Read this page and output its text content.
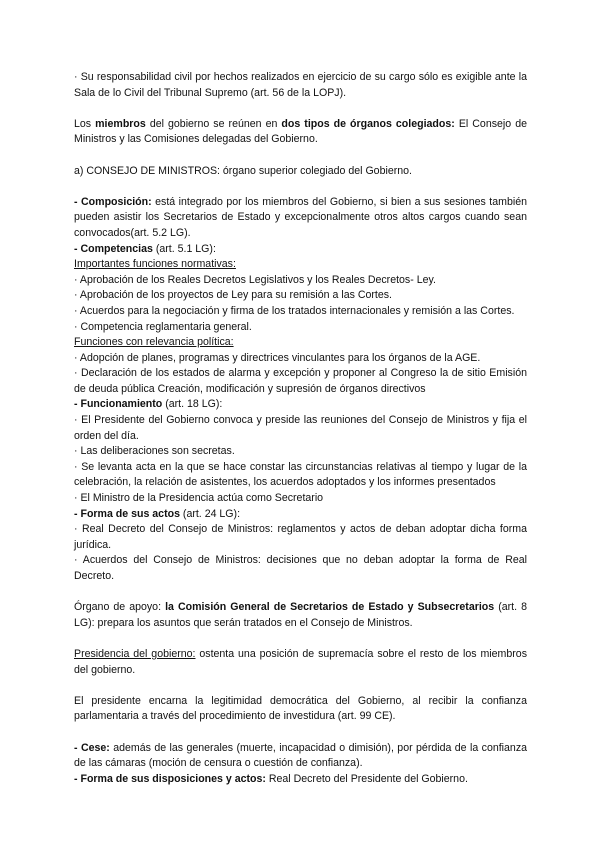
· Su responsabilidad civil por hechos realizados en ejercicio de su cargo sólo es exigible ante la Sala de lo Civil del Tribunal Supremo (art. 56 de la LOPJ).

Los miembros del gobierno se reúnen en dos tipos de órganos colegiados: El Consejo de Ministros y las Comisiones delegadas del Gobierno.

a) CONSEJO DE MINISTROS: órgano superior colegiado del Gobierno.

- Composición: está integrado por los miembros del Gobierno, si bien a sus sesiones también pueden asistir los Secretarios de Estado y excepcionalmente otros altos cargos cuando sean convocados(art. 5.2 LG).

- Competencias (art. 5.1 LG):

Importantes funciones normativas:

· Aprobación de los Reales Decretos Legislativos y los Reales Decretos- Ley.

· Aprobación de los proyectos de Ley para su remisión a las Cortes.

· Acuerdos para la negociación y firma de los tratados internacionales y remisión a las Cortes.

· Competencia reglamentaria general.

Funciones con relevancia política:

· Adopción de planes, programas y directrices vinculantes para los órganos de la AGE.

· Declaración de los estados de alarma y excepción y proponer al Congreso la de sitio Emisión de deuda pública Creación, modificación y supresión de órganos directivos

- Funcionamiento (art. 18 LG):

· El Presidente del Gobierno convoca y preside las reuniones del Consejo de Ministros y fija el orden del día.

· Las deliberaciones son secretas.

· Se levanta acta en la que se hace constar las circunstancias relativas al tiempo y lugar de la celebración, la relación de asistentes, los acuerdos adoptados y los informes presentados

· El Ministro de la Presidencia actúa como Secretario

- Forma de sus actos (art. 24 LG):

· Real Decreto del Consejo de Ministros: reglamentos y actos de deban adoptar dicha forma jurídica.

· Acuerdos del Consejo de Ministros: decisiones que no deban adoptar la forma de Real Decreto.

Órgano de apoyo: la Comisión General de Secretarios de Estado y Subsecretarios (art. 8 LG): prepara los asuntos que serán tratados en el Consejo de Ministros.

Presidencia del gobierno: ostenta una posición de supremacía sobre el resto de los miembros del gobierno.

El presidente encarna la legitimidad democrática del Gobierno, al recibir la confianza parlamentaria a través del procedimiento de investidura (art. 99 CE).

- Cese: además de las generales (muerte, incapacidad o dimisión), por pérdida de la confianza de las cámaras (moción de censura o cuestión de confianza).

- Forma de sus disposiciones y actos: Real Decreto del Presidente del Gobierno.
